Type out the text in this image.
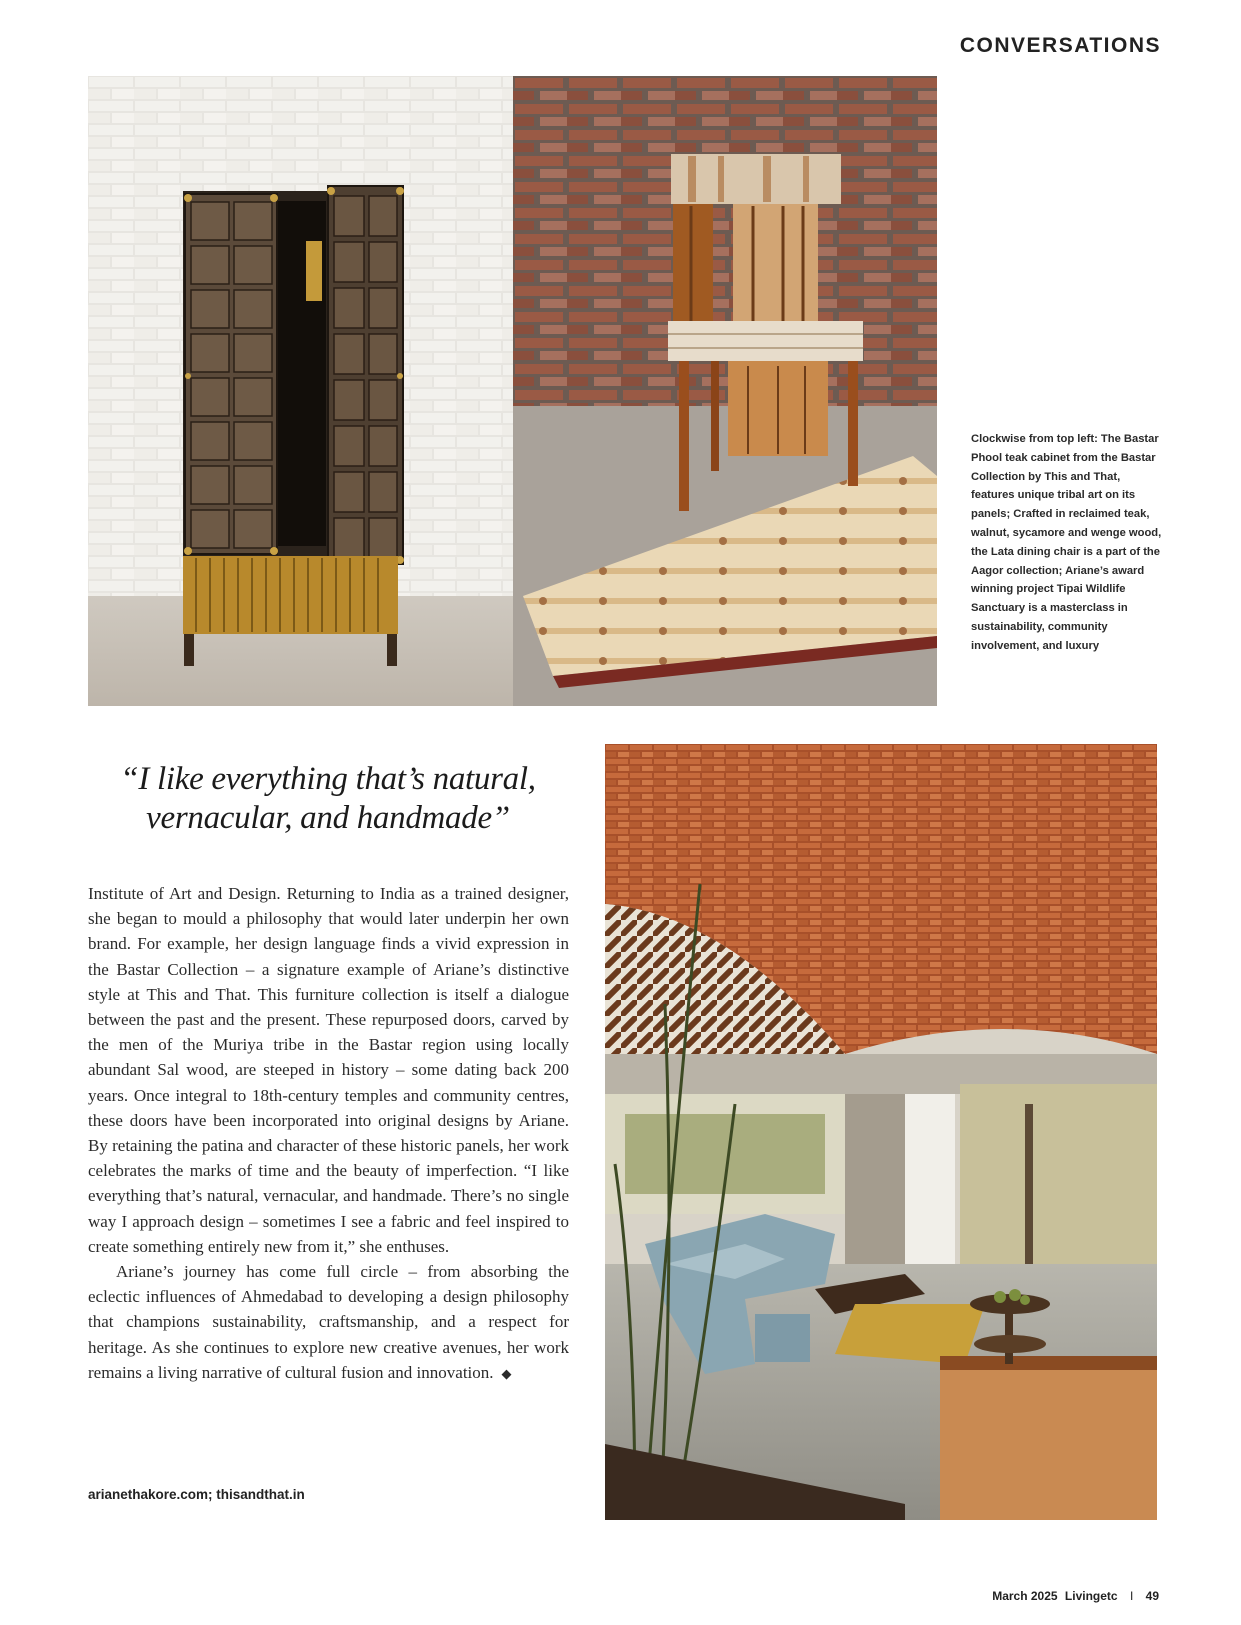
CONVERSATIONS

Clockwise from top left: The Bastar Phool teak cabinet from the Bastar Collection by This and That, features unique tribal art on its panels; Crafted in reclaimed teak, walnut, sycamore and wenge wood, the Lata dining chair is a part of the Aagor collection; Ariane’s award winning project Tipai Wildlife Sanctuary is a masterclass in sustainability, community involvement, and luxury

“I like everything that’s natural, vernacular, and handmade”

Institute of Art and Design. Returning to India as a trained designer, she began to mould a philosophy that would later underpin her own brand. For example, her design language finds a vivid expression in the Bastar Collection – a signature example of Ariane’s distinctive style at This and That. This furniture collection is itself a dialogue between the past and the present. These repurposed doors, carved by the men of the Muriya tribe in the Bastar region using locally abundant Sal wood, are steeped in history – some dating back 200 years. Once integral to 18th-century temples and community centres, these doors have been incorporated into original designs by Ariane. By retaining the patina and character of these historic panels, her work celebrates the marks of time and the beauty of imperfection. “I like everything that’s natural, vernacular, and handmade. There’s no single way I approach design – sometimes I see a fabric and feel inspired to create something entirely new from it,” she enthuses.

Ariane’s journey has come full circle – from absorbing the eclectic influences of Ahmedabad to developing a design philosophy that champions sustainability, craftsmanship, and a respect for heritage. As she continues to explore new creative avenues, her work remains a living narrative of cultural fusion and innovation. ◆

arianethakore.com; thisandthat.in

March 2025 Livingetc I 49
